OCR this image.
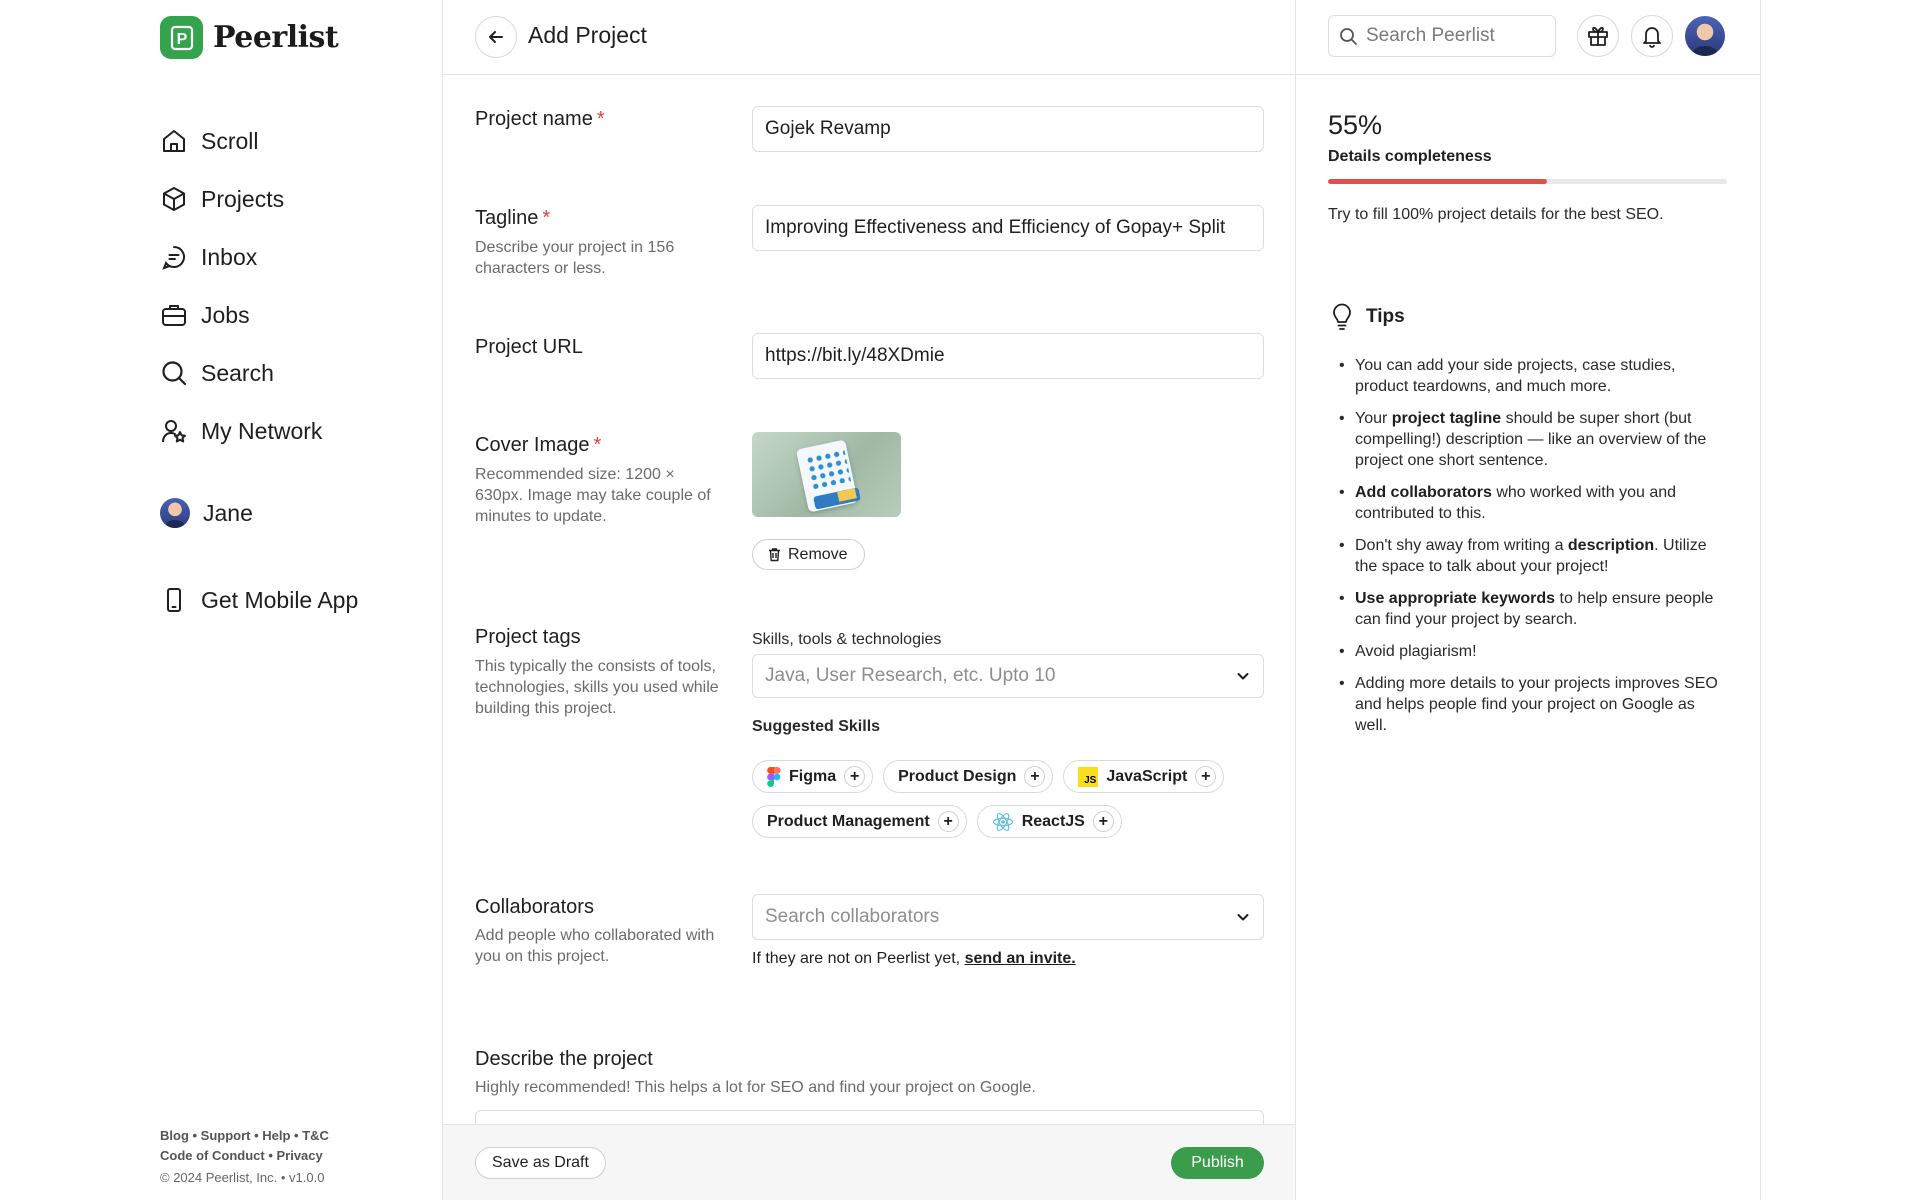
P Peerlist
Scroll
Projects
Inbox
Jobs
Search
My Network
Jane
Get Mobile App
Blog • Support • Help • T&C
Code of Conduct • Privacy
© 2024 Peerlist, Inc. • v1.0.0
Add Project
Project name *
Gojek Revamp
Tagline *
Describe your project in 156 characters or less.
Improving Effectiveness and Efficiency of Gopay+ Split
Project URL
https://bit.ly/48XDmie
Cover Image *
Recommended size: 1200 × 630px. Image may take couple of minutes to update.
Remove
Project tags
This typically the consists of tools, technologies, skills you used while building this project.
Skills, tools & technologies
Java, User Research, etc. Upto 10
Suggested Skills
Figma +	Product Design +	JS JavaScript +
Product Management +	ReactJS +
Collaborators
Add people who collaborated with you on this project.
Search collaborators
If they are not on Peerlist yet, send an invite.
Describe the project
Highly recommended! This helps a lot for SEO and find your project on Google.
Save as Draft	Publish
Search Peerlist
55%
Details completeness
Try to fill 100% project details for the best SEO.
Tips
• You can add your side projects, case studies, product teardowns, and much more.
• Your project tagline should be super short (but compelling!) description — like an overview of the project one short sentence.
• Add collaborators who worked with you and contributed to this.
• Don't shy away from writing a description. Utilize the space to talk about your project!
• Use appropriate keywords to help ensure people can find your project by search.
• Avoid plagiarism!
• Adding more details to your projects improves SEO and helps people find your project on Google as well.
